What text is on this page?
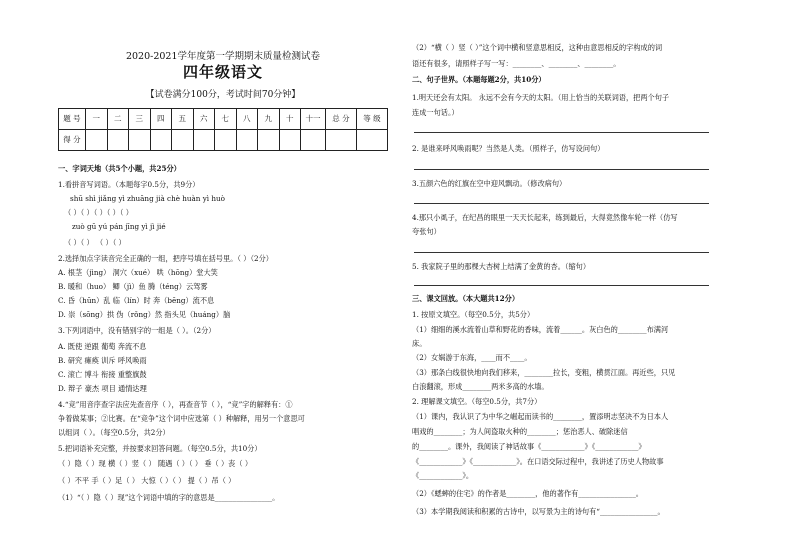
2020-2021学年度第一学期期末质量检测试卷
四年级语文
【试卷满分100分，考试时间70分钟】
题 号	一	二	三	四	五	六	七	八	九	十	十一	总 分	等 级
得 分													
一、字词天地（共5个小题，共25分）
1.看拼音写词语。（本题每字0.5分，共9分）
shū shì jiǎng yì zhuāng jià chè huàn yì huò
（ ）（ ）（ ）（ ）（ ）
zuò gū yú pán jīng yì jì jié
（ ）（ ） （ ）（ ）
2.选择加点字读音完全正确的一组，把序号填在括号里。（ ）（2分）
A. 根茎（jìng） 洞穴（xué） 哄（hōng）堂大笑
B. 暖和（huo） 鲫（jì）鱼 腾（téng）云驾雾
C. 昏（hūn）乱 临（lín）时 奔（bēng）流不息
D. 崇（sōng）拱 伪（rǒng）然 指头见（huáng）脑
3.下列词语中，没有错别字的一组是（ ）。（2分）
A. 既使 逆跟 葡萄 奔流不息
B. 研究 瘫痪 训斥 呼风唤雨
C. 滚亡 博斗 衔接 重整旗鼓
D. 辩子 豪杰 项目 通情达理
4.“竞”用音序查字法应先查音序（ ），再查音节（ ），“竞”字的解释有：①
争着做某事；②比赛。在“竞争”这个词中应选第（ ）种解释，用另一个意思可
以组词（ ）。（每空0.5分，共2分）
5.把词语补充完整，并按要求回答问题。（每空0.5分，共10分）
（ ）隐（ ）现 横（ ）竖（ ） 随遇（ ）（ ） 垂（ ）丧（ ）
（ ）不平 手（ ）足（ ） 大惊（ ）（ ） 提（ ）吊（ ）
（1）“（ ）隐（ ）现”这个词语中填的字的意思是________________。
（2）“横（ ）竖（ ）”这个词中横和竖意思相反，这种由意思相反的字构成的词
语还有很多，请照样子写一写：________、________、________。
二、句子世界。（本题每题2分，共10分）
1.明天还会有太阳。 永远不会有今天的太阳。（用上恰当的关联词语，把两个句子
连成一句话。）
2. 是谁来呼风唤雨呢？当然是人类。（照样子，仿写设问句）
3.五颜六色的红旗在空中迎风飘动。（修改病句）
4.那只小虱子，在纪昌的眼里一天天长起来，练到最后，大得竟然像车轮一样（仿写
夸张句）
5. 我家院子里的那棵大杏树上结满了金黄的杏。（缩句）
三、课文回放。（本大题共12分）
1. 按原文填空。（每空0.5分，共5分）
（1）细细的溪水流着山草和野花的香味，流着______。灰白色的________布满河
床。
（2）女娲游于东海，____而不____。
（3）那条白线很快地向我们移来，________拉长，变粗，横贯江面。再近些，只见
白浪翻滚，形成________两米多高的水墙。
2. 理解课文填空。（每空0.5分，共7分）
（1）课内，我认识了为中华之崛起而读书的________，置添明志坚决不为日本人
唱戏的________；为人间盗取火种的________；惩治恶人、破除迷信
的________。课外，我阅读了神话故事《____________》《____________》
《____________》《____________》。在口语交际过程中，我讲述了历史人物故事
《____________》。
（2）《蟋蟀的住宅》的作者是________，他的著作有________________。
（3）本学期我阅读和积累的古诗中，以写景为主的诗句有“________________。
